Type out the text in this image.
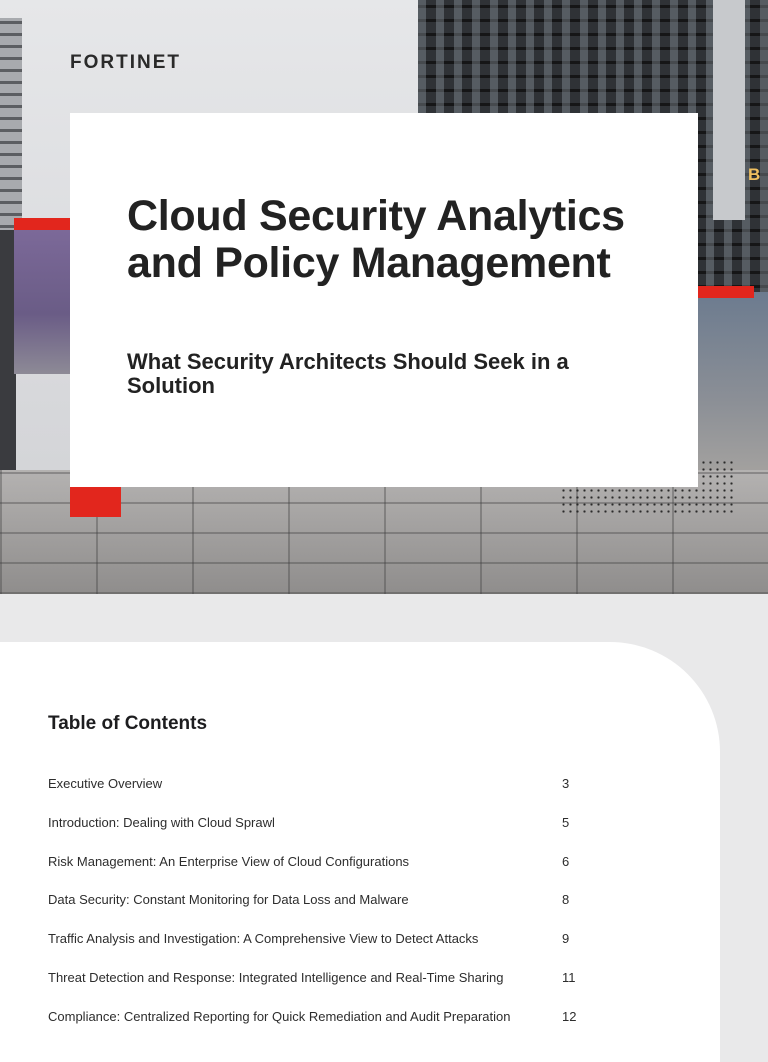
B
FORTINET
Cloud Security Analytics and Policy Management
What Security Architects Should Seek in a Solution
Table of Contents
Executive Overview	3
Introduction: Dealing with Cloud Sprawl	5
Risk Management: An Enterprise View of Cloud Configurations	6
Data Security: Constant Monitoring for Data Loss and Malware	8
Traffic Analysis and Investigation: A Comprehensive View to Detect Attacks	9
Threat Detection and Response: Integrated Intelligence and Real-Time Sharing	11
Compliance: Centralized Reporting for Quick Remediation and Audit Preparation	12
